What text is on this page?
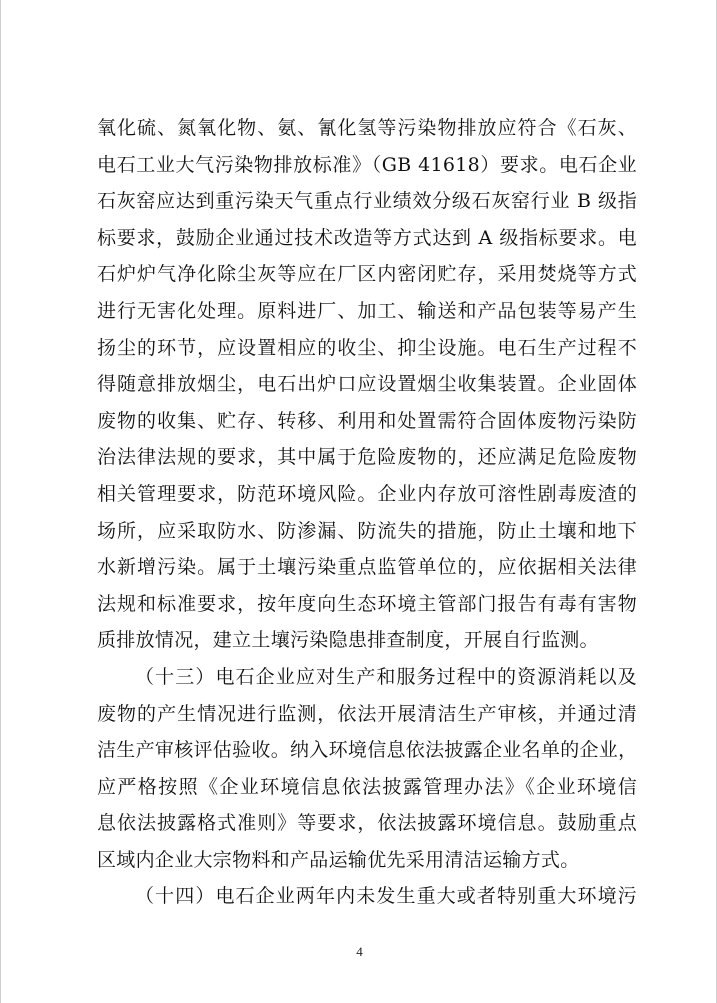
氧化硫、氮氧化物、氨、氰化氢等污染物排放应符合《石灰、
电石工业大气污染物排放标准》（GB 41618）要求。电石企业
石灰窑应达到重污染天气重点行业绩效分级石灰窑行业 B 级指
标要求，鼓励企业通过技术改造等方式达到 A 级指标要求。电
石炉炉气净化除尘灰等应在厂区内密闭贮存，采用焚烧等方式
进行无害化处理。原料进厂、加工、输送和产品包装等易产生
扬尘的环节，应设置相应的收尘、抑尘设施。电石生产过程不
得随意排放烟尘，电石出炉口应设置烟尘收集装置。企业固体
废物的收集、贮存、转移、利用和处置需符合固体废物污染防
治法律法规的要求，其中属于危险废物的，还应满足危险废物
相关管理要求，防范环境风险。企业内存放可溶性剧毒废渣的
场所，应采取防水、防渗漏、防流失的措施，防止土壤和地下
水新增污染。属于土壤污染重点监管单位的，应依据相关法律
法规和标准要求，按年度向生态环境主管部门报告有毒有害物
质排放情况，建立土壤污染隐患排查制度，开展自行监测。
（十三）电石企业应对生产和服务过程中的资源消耗以及
废物的产生情况进行监测，依法开展清洁生产审核，并通过清
洁生产审核评估验收。纳入环境信息依法披露企业名单的企业，
应严格按照《企业环境信息依法披露管理办法》《企业环境信
息依法披露格式准则》等要求，依法披露环境信息。鼓励重点
区域内企业大宗物料和产品运输优先采用清洁运输方式。
（十四）电石企业两年内未发生重大或者特别重大环境污
4
